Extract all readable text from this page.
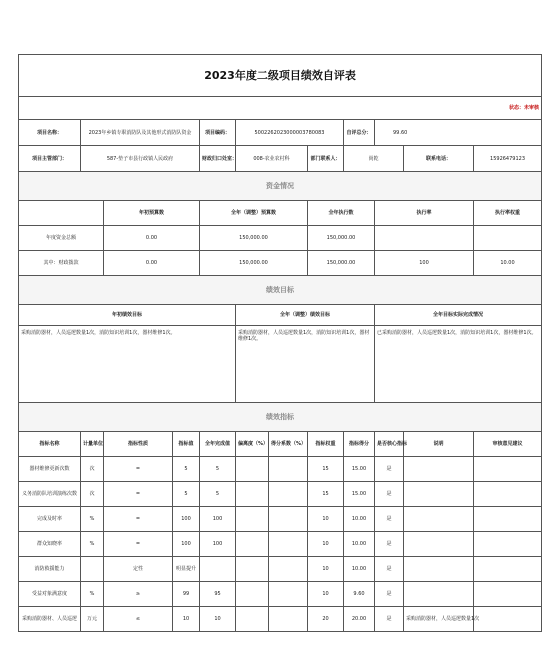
2023年度二级项目绩效自评表												
状态：未审核												
项目名称：	2023年乡镇专职消防队及其他形式消防队资金			项目编码：	5002262023000003780083			自评总分：	99.60			
项目主管部门：	587-垫子市县行政镇人民政府			财政归口处室：	008-农业农村科		部门联系人：	尚乾		联系电话：	15926479123	
资金情况												
		年初预算数		全年（调整）预算数			全年执行数		执行率		执行率权重	
年度资金总额		0.00		150,000.00			150,000.00					
其中：财政拨款		0.00		150,000.00			150,000.00		100		10.00	
绩效目标												
年初绩效目标					全年（调整）绩效目标				全年目标实际完成情况			
采购消防器材，人员巡逻数量1次，消防知识培训1次，器材维修1次。					采购消防器材，人员巡逻数量1次，消防知识培训1次，器材维修1次。				已采购消防器材，人员巡逻数量1次，消防知识培训1次，器材维修1次。			
绩效指标												
指标名称	计量单位	指标性质	指标值	全年完成值	偏离度（%）	得分系数（%）	指标权重	指标得分	是否核心指标	说明	审核意见建议	
器材维修更新次数	次	=	5	5			15	15.00	是			
义务消防队培训演练次数	次	=	5	5			15	15.00	是			
完成及时率	%	=	100	100			10	10.00	是			
群众知晓率	%	=	100	100			10	10.00	是			
消防救援能力		定性	明显提升				10	10.00	是			
受益对象满意度	%	≥	99	95			10	9.60	是			
采购消防器材、人员巡逻	万元	≤	10	10			20	20.00	是	采购消防器材，人员巡逻数量1次		
